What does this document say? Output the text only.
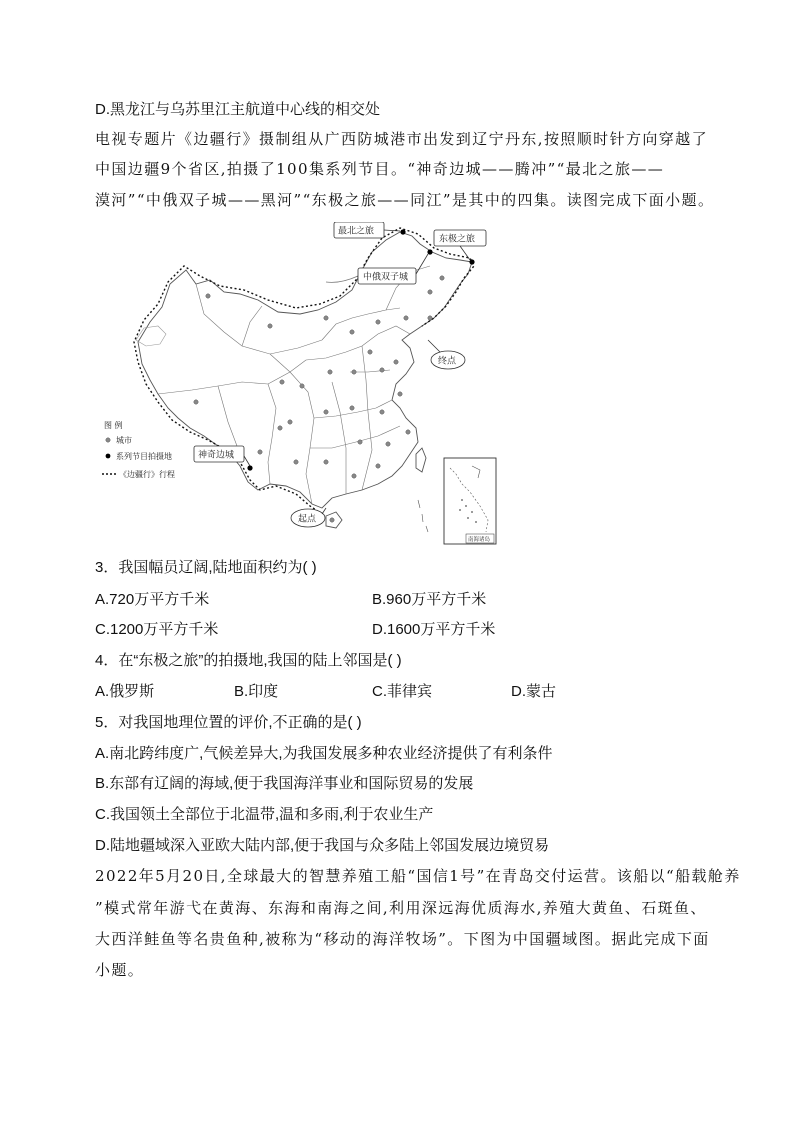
D.黑龙江与乌苏里江主航道中心线的相交处
电视专题片《边疆行》摄制组从广西防城港市出发到辽宁丹东,按照顺时针方向穿越了
中国边疆9个省区,拍摄了100集系列节目。“神奇边城——腾冲”“最北之旅——
漠河”“中俄双子城——黑河”“东极之旅——同江”是其中的四集。读图完成下面小题。
最北之旅
东极之旅
中俄双子城
终点
起点
神奇边城
图 例
城市
系列节目拍摄地
《边疆行》行程
南海诸岛
3．我国幅员辽阔,陆地面积约为( )
A.720万平方千米	B.960万平方千米
C.1200万平方千米	D.1600万平方千米
4．在“东极之旅”的拍摄地,我国的陆上邻国是( )
A.俄罗斯	B.印度	C.菲律宾	D.蒙古
5．对我国地理位置的评价,不正确的是( )
A.南北跨纬度广,气候差异大,为我国发展多种农业经济提供了有利条件
B.东部有辽阔的海域,便于我国海洋事业和国际贸易的发展
C.我国领土全部位于北温带,温和多雨,利于农业生产
D.陆地疆域深入亚欧大陆内部,便于我国与众多陆上邻国发展边境贸易
2022年5月20日,全球最大的智慧养殖工船“国信1号”在青岛交付运营。该船以“船载舱养
”模式常年游弋在黄海、东海和南海之间,利用深远海优质海水,养殖大黄鱼、石斑鱼、
大西洋鲑鱼等名贵鱼种,被称为“移动的海洋牧场”。下图为中国疆域图。据此完成下面
小题。
